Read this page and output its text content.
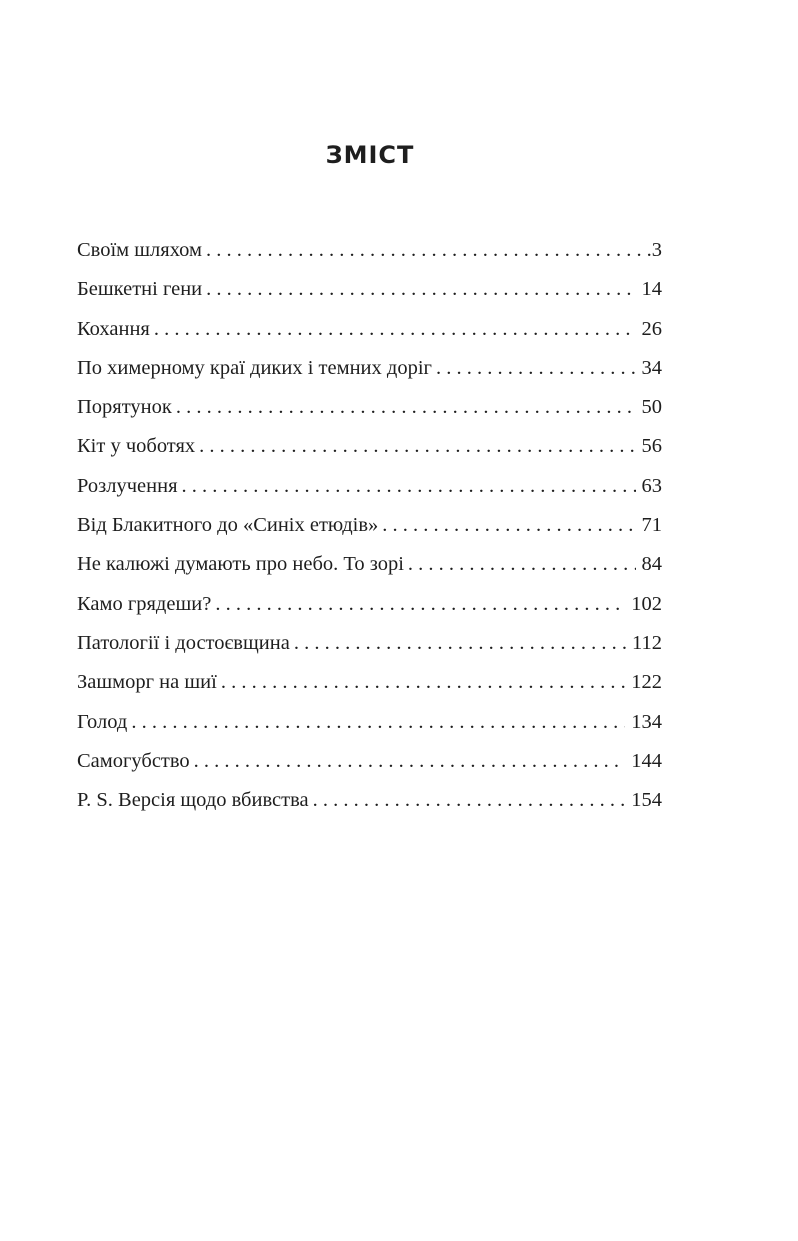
ЗМІСТ
Своїм шляхом . . .	.3
Бешкетні гени . . .	14
Кохання . . .	26
По химерному краї диких і темних доріг . . .	34
Порятунок . . .	50
Кіт у чоботях . . .	56
Розлучення . . .	63
Від Блакитного до «Синіх етюдів» . . .	71
Не калюжі думають про небо. То зорі . . .	84
Камо грядеши? . . .	102
Патології і достоєвщина . . .	112
Зашморг на шиї . . .	122
Голод . . .	134
Самогубство . . .	144
P. S. Версія щодо вбивства . . .	154
